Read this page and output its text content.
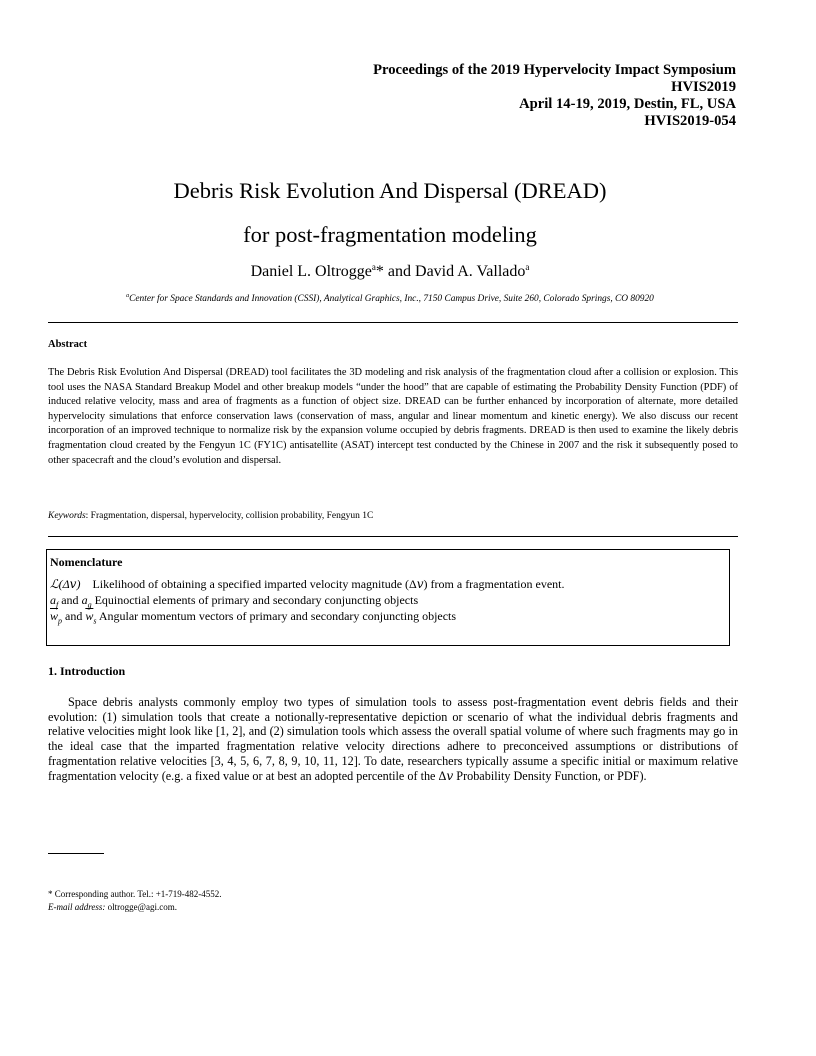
Proceedings of the 2019 Hypervelocity Impact Symposium
HVIS2019
April 14-19, 2019, Destin, FL, USA
HVIS2019-054
Debris Risk Evolution And Dispersal (DREAD)
for post-fragmentation modeling
Daniel L. Oltrogge$^a$* and David A. Vallado$^a$
$^a$Center for Space Standards and Innovation (CSSI), Analytical Graphics, Inc., 7150 Campus Drive, Suite 260, Colorado Springs, CO 80920
Abstract
The Debris Risk Evolution And Dispersal (DREAD) tool facilitates the 3D modeling and risk analysis of the fragmentation cloud after a collision or explosion. This tool uses the NASA Standard Breakup Model and other breakup models “under the hood” that are capable of estimating the Probability Density Function (PDF) of induced relative velocity, mass and area of fragments as a function of object size. DREAD can be further enhanced by incorporation of alternate, more detailed hypervelocity simulations that enforce conservation laws (conservation of mass, angular and linear momentum and kinetic energy). We also discuss our recent incorporation of an improved technique to normalize risk by the expansion volume occupied by debris fragments. DREAD is then used to examine the likely debris fragmentation cloud created by the Fengyun 1C (FY1C) antisatellite (ASAT) intercept test conducted by the Chinese in 2007 and the risk it subsequently posed to other spacecraft and the cloud’s evolution and dispersal.
Keywords: Fragmentation, dispersal, hypervelocity, collision probability, Fengyun 1C
Nomenclature
ℒ(Δ𝑣) Likelihood of obtaining a specified imparted velocity magnitude (Δ𝑣) from a fragmentation event.
$a_f$ and $a_g$ Equinoctial elements of primary and secondary conjuncting objects
$\overline{w}_p$ and $\overline{w}_s$ Angular momentum vectors of primary and secondary conjuncting objects
1. Introduction
Space debris analysts commonly employ two types of simulation tools to assess post-fragmentation event debris fields and their evolution: (1) simulation tools that create a notionally-representative depiction or scenario of what the individual debris fragments and relative velocities might look like [1, 2], and (2) simulation tools which assess the overall spatial volume of where such fragments may go in the ideal case that the imparted fragmentation relative velocity directions adhere to preconceived assumptions or distributions of fragmentation relative velocities [3, 4, 5, 6, 7, 8, 9, 10, 11, 12]. To date, researchers typically assume a specific initial or maximum relative fragmentation velocity (e.g. a fixed value or at best an adopted percentile of the Δ𝑣 Probability Density Function, or PDF).
* Corresponding author. Tel.: +1-719-482-4552.
E-mail address: oltrogge@agi.com.
